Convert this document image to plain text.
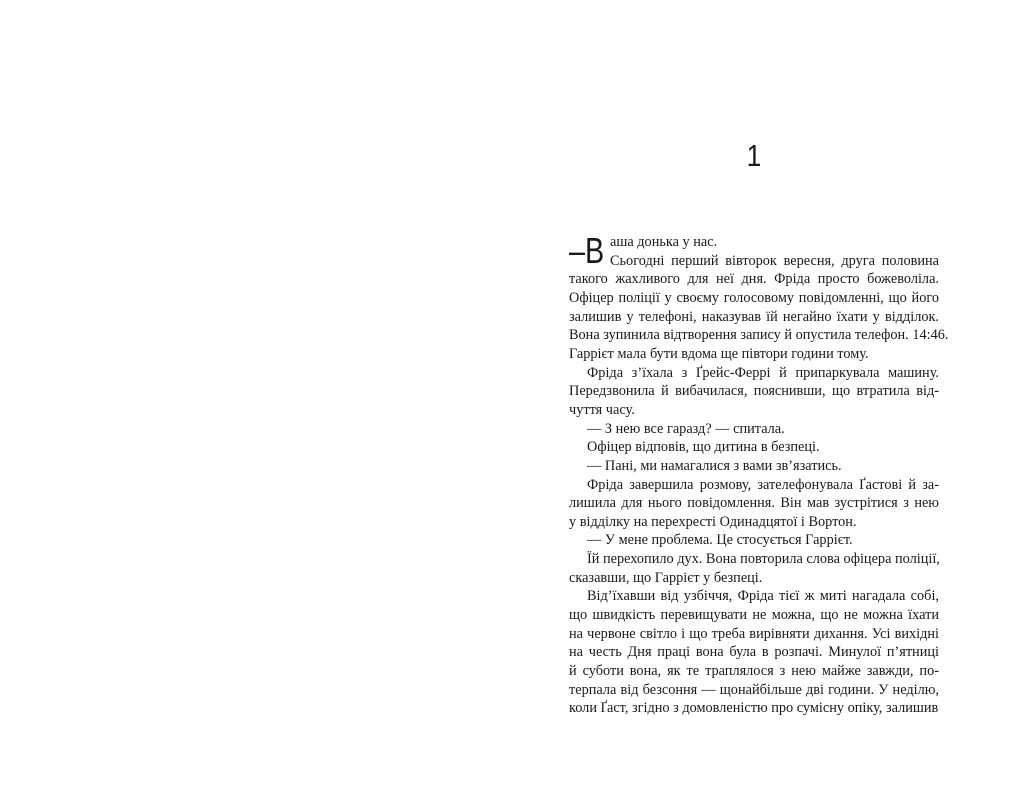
1
–В аша донька у нас.
Сьогодні перший вівторок вересня, друга половина
такого жахливого для неї дня. Фріда просто божеволіла.
Офіцер поліції у своєму голосовому повідомленні, що його
залишив у телефоні, наказував їй негайно їхати у відділок.
Вона зупинила відтворення запису й опустила телефон. 14:46.
Гаррієт мала бути вдома ще півтори години тому.
Фріда з’їхала з Ґрейс-Феррі й припаркувала машину.
Передзвонила й вибачилася, пояснивши, що втратила від-
чуття часу.
— З нею все гаразд? — спитала.
Офіцер відповів, що дитина в безпеці.
— Пані, ми намагалися з вами зв’язатись.
Фріда завершила розмову, зателефонувала Ґастові й за-
лишила для нього повідомлення. Він мав зустрітися з нею
у відділку на перехресті Одинадцятої і Вортон.
— У мене проблема. Це стосується Гаррієт.
Їй перехопило дух. Вона повторила слова офіцера поліції,
сказавши, що Гаррієт у безпеці.
Від’їхавши від узбіччя, Фріда тієї ж миті нагадала собі,
що швидкість перевищувати не можна, що не можна їхати
на червоне світло і що треба вирівняти дихання. Усі вихідні
на честь Дня праці вона була в розпачі. Минулої п’ятниці
й суботи вона, як те траплялося з нею майже завжди, по-
терпала від безсоння — щонайбільше дві години. У неділю,
коли Ґаст, згідно з домовленістю про сумісну опіку, залишив
